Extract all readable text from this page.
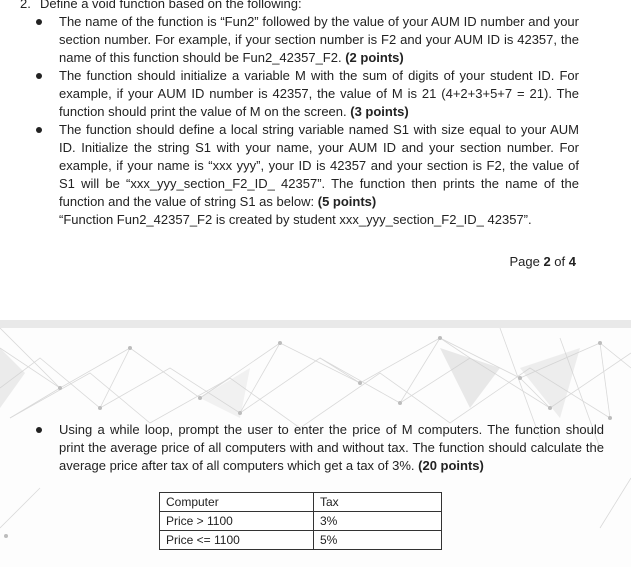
2. Define a void function based on the following:
The name of the function is “Fun2” followed by the value of your AUM ID number and your section number. For example, if your section number is F2 and your AUM ID is 42357, the name of this function should be Fun2_42357_F2. (2 points)
The function should initialize a variable M with the sum of digits of your student ID. For example, if your AUM ID number is 42357, the value of M is 21 (4+2+3+5+7 = 21). The function should print the value of M on the screen. (3 points)
The function should define a local string variable named S1 with size equal to your AUM ID. Initialize the string S1 with your name, your AUM ID and your section number. For example, if your name is “xxx yyy”, your ID is 42357 and your section is F2, the value of S1 will be “xxx_yyy_section_F2_ID_ 42357”. The function then prints the name of the function and the value of string S1 as below: (5 points)
“Function Fun2_42357_F2 is created by student xxx_yyy_section_F2_ID_ 42357”.
Page 2 of 4
Using a while loop, prompt the user to enter the price of M computers. The function should print the average price of all computers with and without tax. The function should calculate the average price after tax of all computers which get a tax of 3%. (20 points)
Computer	Tax
Price > 1100	3%
Price <= 1100	5%
